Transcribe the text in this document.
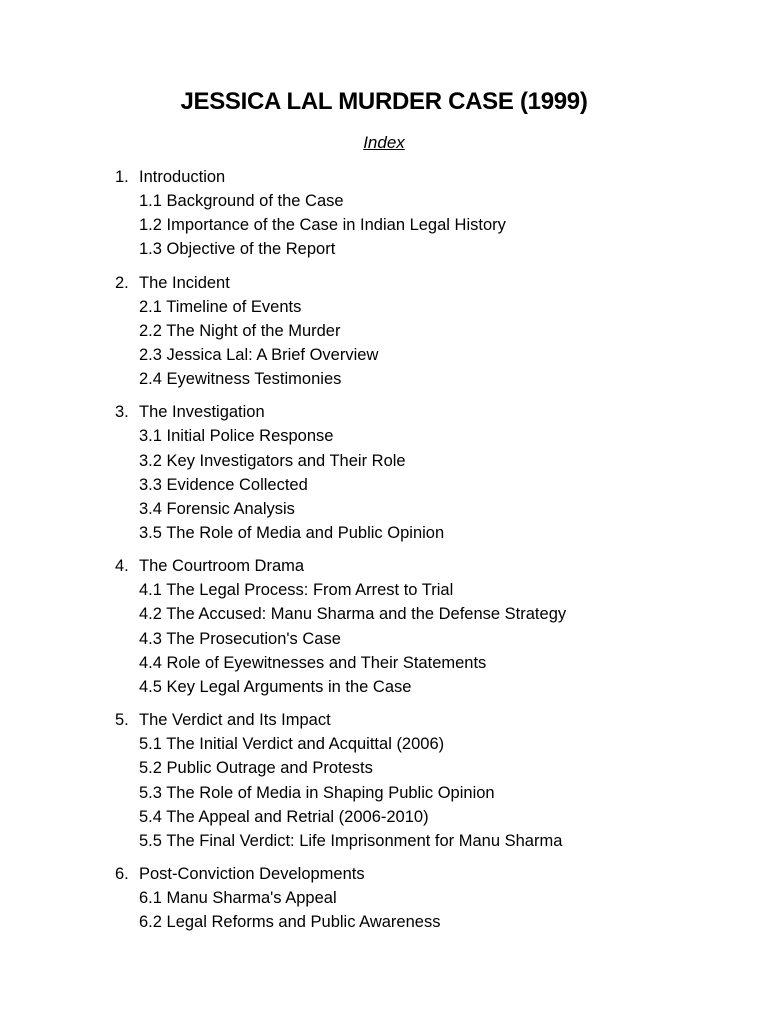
JESSICA LAL MURDER CASE (1999)
Index
1. Introduction
1.1 Background of the Case
1.2 Importance of the Case in Indian Legal History
1.3 Objective of the Report
2. The Incident
2.1 Timeline of Events
2.2 The Night of the Murder
2.3 Jessica Lal: A Brief Overview
2.4 Eyewitness Testimonies
3. The Investigation
3.1 Initial Police Response
3.2 Key Investigators and Their Role
3.3 Evidence Collected
3.4 Forensic Analysis
3.5 The Role of Media and Public Opinion
4. The Courtroom Drama
4.1 The Legal Process: From Arrest to Trial
4.2 The Accused: Manu Sharma and the Defense Strategy
4.3 The Prosecution's Case
4.4 Role of Eyewitnesses and Their Statements
4.5 Key Legal Arguments in the Case
5. The Verdict and Its Impact
5.1 The Initial Verdict and Acquittal (2006)
5.2 Public Outrage and Protests
5.3 The Role of Media in Shaping Public Opinion
5.4 The Appeal and Retrial (2006-2010)
5.5 The Final Verdict: Life Imprisonment for Manu Sharma
6. Post-Conviction Developments
6.1 Manu Sharma's Appeal
6.2 Legal Reforms and Public Awareness
